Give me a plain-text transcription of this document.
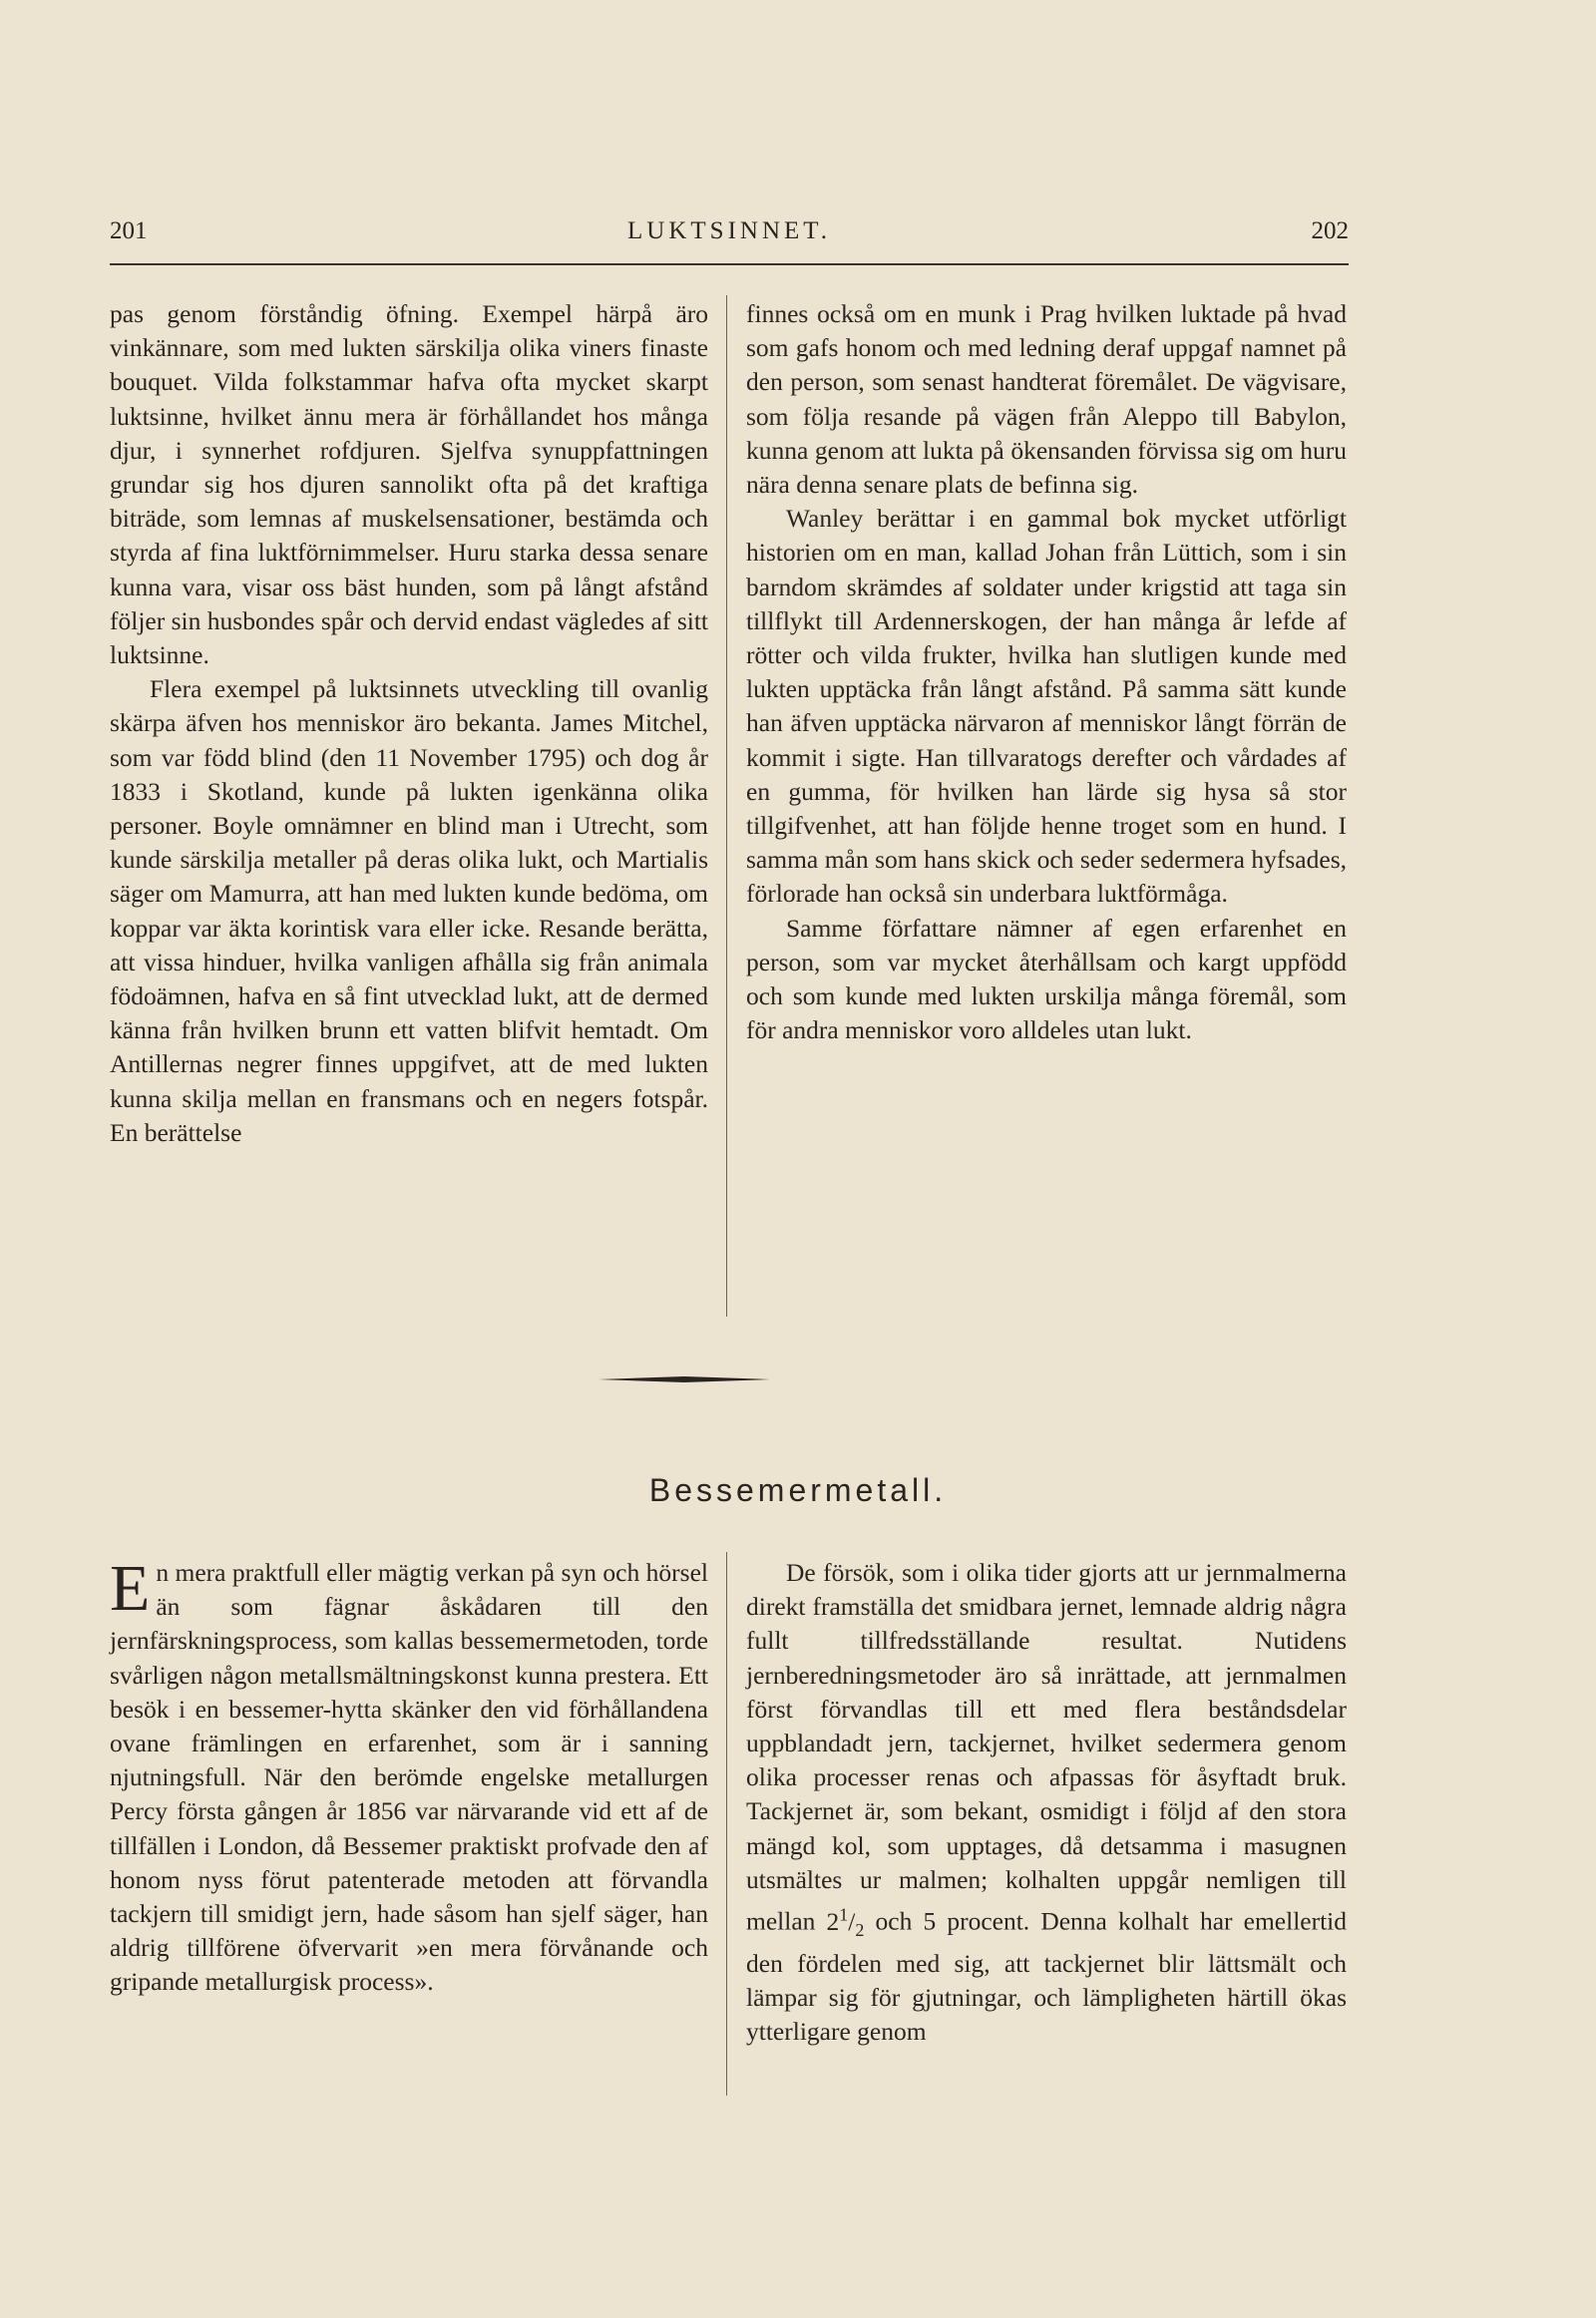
201	LUKTSINNET.	202

pas genom förståndig öfning. Exempel härpå äro vinkännare, som med lukten särskilja olika viners finaste bouquet. Vilda folkstammar hafva ofta mycket skarpt luktsinne, hvilket ännu mera är förhållandet hos många djur, i synnerhet rofdjuren. Sjelfva synuppfattningen grundar sig hos djuren sannolikt ofta på det kraftiga biträde, som lemnas af muskelsensationer, bestämda och styrda af fina luktförnimmelser. Huru starka dessa senare kunna vara, visar oss bäst hunden, som på långt afstånd följer sin husbondes spår och dervid endast vägledes af sitt luktsinne.

Flera exempel på luktsinnets utveckling till ovanlig skärpa äfven hos menniskor äro bekanta. James Mitchel, som var född blind (den 11 November 1795) och dog år 1833 i Skotland, kunde på lukten igenkänna olika personer. Boyle omnämner en blind man i Utrecht, som kunde särskilja metaller på deras olika lukt, och Martialis säger om Mamurra, att han med lukten kunde bedöma, om koppar var äkta korintisk vara eller icke. Resande berätta, att vissa hinduer, hvilka vanligen afhålla sig från animala födoämnen, hafva en så fint utvecklad lukt, att de dermed känna från hvilken brunn ett vatten blifvit hemtadt. Om Antillernas negrer finnes uppgifvet, att de med lukten kunna skilja mellan en fransmans och en negers fotspår. En berättelse

finnes också om en munk i Prag hvilken luktade på hvad som gafs honom och med ledning deraf uppgaf namnet på den person, som senast handterat föremålet. De vägvisare, som följa resande på vägen från Aleppo till Babylon, kunna genom att lukta på ökensanden förvissa sig om huru nära denna senare plats de befinna sig.

Wanley berättar i en gammal bok mycket utförligt historien om en man, kallad Johan från Lüttich, som i sin barndom skrämdes af soldater under krigstid att taga sin tillflykt till Ardennerskogen, der han många år lefde af rötter och vilda frukter, hvilka han slutligen kunde med lukten upptäcka från långt afstånd. På samma sätt kunde han äfven upptäcka närvaron af menniskor långt förrän de kommit i sigte. Han tillvaratogs derefter och vårdades af en gumma, för hvilken han lärde sig hysa så stor tillgifvenhet, att han följde henne troget som en hund. I samma mån som hans skick och seder sedermera hyfsades, förlorade han också sin underbara luktförmåga.

Samme författare nämner af egen erfarenhet en person, som var mycket återhållsam och kargt uppfödd och som kunde med lukten urskilja många föremål, som för andra menniskor voro alldeles utan lukt.

Bessemermetall.

En mera praktfull eller mägtig verkan på syn och hörsel än som fägnar åskådaren till den jernfärskningsprocess, som kallas bessemermetoden, torde svårligen någon metallsmältningskonst kunna prestera. Ett besök i en bessemer-hytta skänker den vid förhållandena ovane främlingen en erfarenhet, som är i sanning njutningsfull. När den berömde engelske metallurgen Percy första gången år 1856 var närvarande vid ett af de tillfällen i London, då Bessemer praktiskt profvade den af honom nyss förut patenterade metoden att förvandla tackjern till smidigt jern, hade såsom han sjelf säger, han aldrig tillförene öfvervarit »en mera förvånande och gripande metallurgisk process».

De försök, som i olika tider gjorts att ur jernmalmerna direkt framställa det smidbara jernet, lemnade aldrig några fullt tillfredsställande resultat. Nutidens jernberedningsmetoder äro så inrättade, att jernmalmen först förvandlas till ett med flera beståndsdelar uppblandadt jern, tackjernet, hvilket sedermera genom olika processer renas och afpassas för åsyftadt bruk. Tackjernet är, som bekant, osmidigt i följd af den stora mängd kol, som upptages, då detsamma i masugnen utsmältes ur malmen; kolhalten uppgår nemligen till mellan $2^1/_2$ och 5 procent. Denna kolhalt har emellertid den fördelen med sig, att tackjernet blir lättsmält och lämpar sig för gjutningar, och lämpligheten härtill ökas ytterligare genom
